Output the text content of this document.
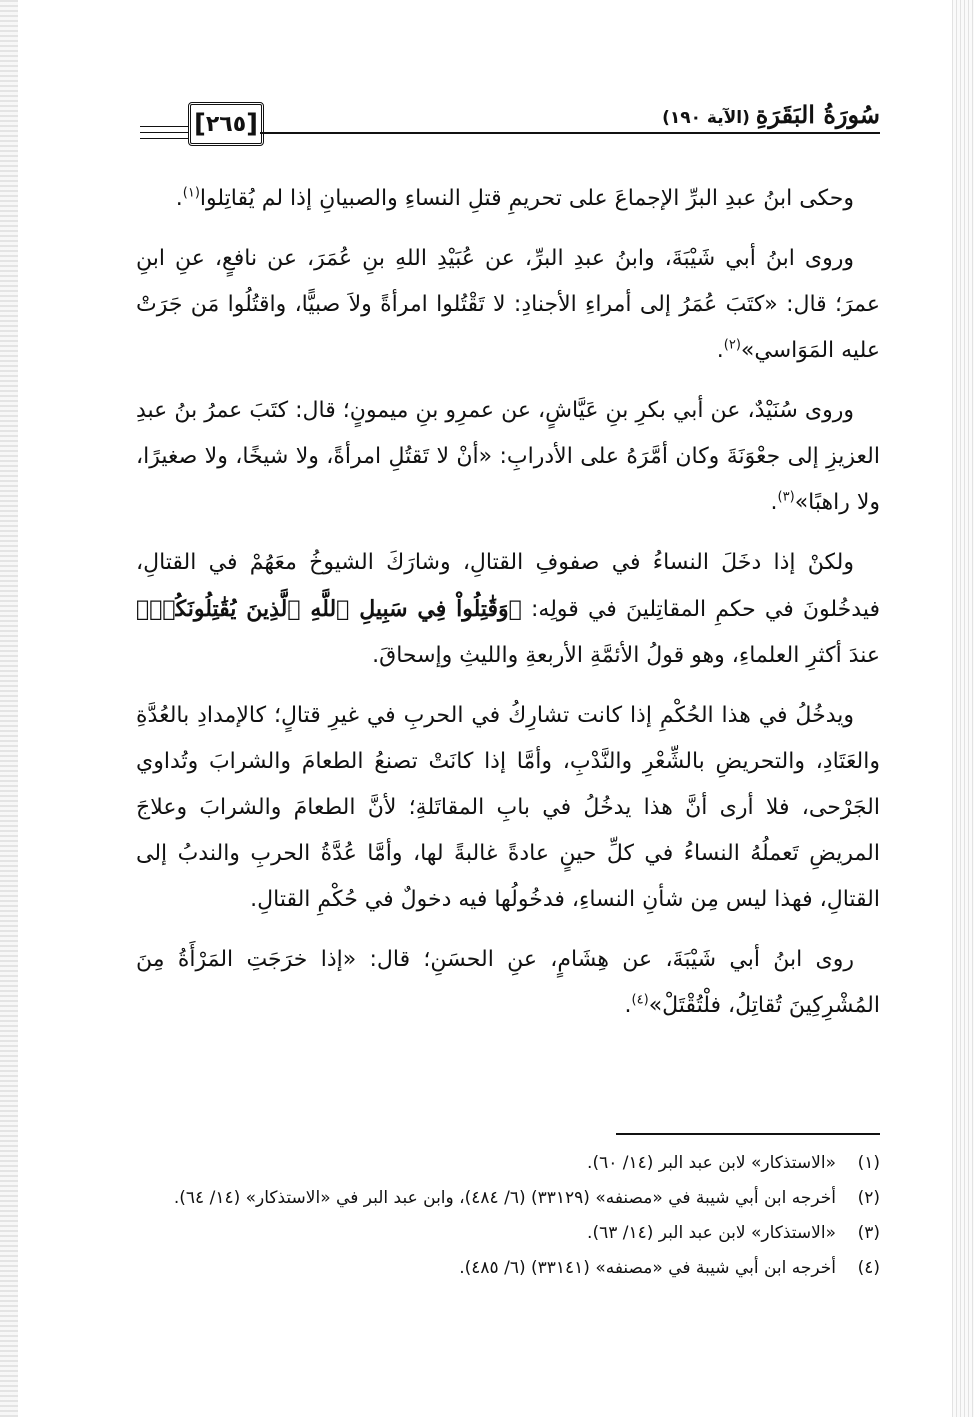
[ ٢٦٥ ]	سُورَةُ البَقَرَةِ (الآية ١٩٠)

وحكى ابنُ عبدِ البرِّ الإجماعَ على تحريمِ قتلِ النساءِ والصبيانِ إذا لم يُقاتِلوا$^{(١)}$.

وروى ابنُ أبي شَيْبَةَ، وابنُ عبدِ البرِّ، عن عُبَيْدِ اللهِ بنِ عُمَرَ، عن نافعٍ، عنِ ابنِ عمرَ؛ قال: «كتَبَ عُمَرُ إلى أمراءِ الأجنادِ: لا تَقْتُلوا امرأةً ولاَ صبيًّا، واقتُلُوا مَن جَرَتْ عليه المَوَاسي»$^{(٢)}$.

وروى سُنَيْدٌ، عن أبي بكرِ بنِ عَيَّاشٍ، عن عمرِو بنِ ميمونٍ؛ قال: كتَبَ عمرُ بنُ عبدِ العزيزِ إلى جعْوَنَةَ وكان أمَّرَهُ على الأدرابِ: «أنْ لا تَقتُلِ امرأةً، ولا شيخًا، ولا صغيرًا، ولا راهبًا»$^{(٣)}$.

ولكنْ إذا دخَلَ النساءُ في صفوفِ القتالِ، وشارَكَ الشيوخُ معَهُمْ في القتالِ، فيدخُلونَ في حكمِ المقاتِلينَ في قولِه: ﴿وَقَٰتِلُواْ فِي سَبِيلِ ٱللَّهِ ٱلَّذِينَ يُقَٰتِلُونَكُمۡ﴾ عندَ أكثرِ العلماءِ، وهو قولُ الأئمَّةِ الأربعةِ والليثِ وإسحاقَ.

ويدخُلُ في هذا الحُكْمِ إذا كانت تشارِكُ في الحربِ في غيرِ قتالٍ؛ كالإمدادِ بالعُدَّةِ والعَتَادِ، والتحريضِ بالشِّعْرِ والنَّدْبِ، وأمَّا إذا كانَتْ تصنعُ الطعامَ والشرابَ وتُداوي الجَرْحى، فلا أرى أنَّ هذا يدخُلُ في بابِ المقاتَلةِ؛ لأنَّ الطعامَ والشرابَ وعلاجَ المريضِ تَعملُهُ النساءُ في كلِّ حينٍ عادةً غالبةً لها، وأمَّا عُدَّةُ الحربِ والندبُ إلى القتالِ، فهذا ليس مِن شأنِ النساءِ، فدخُولُها فيه دخولٌ في حُكْمِ القتالِ.

روى ابنُ أبي شَيْبَةَ، عن هِشَامٍ، عنِ الحسَنِ؛ قال: «إذا خرَجَتِ المَرْأَةُ مِنَ المُشْرِكِينَ تُقاتِلُ، فلْتُقْتَلْ»$^{(٤)}$.

(١)
«الاستذكار» لابن عبد البر (١٤/ ٦٠).
(٢)
أخرجه ابن أبي شيبة في «مصنفه» (٣٣١٢٩) (٦/ ٤٨٤)، وابن عبد البر في «الاستذكار» (١٤/ ٦٤).
(٣)
«الاستذكار» لابن عبد البر (١٤/ ٦٣).
(٤)
أخرجه ابن أبي شيبة في «مصنفه» (٣٣١٤١) (٦/ ٤٨٥).
